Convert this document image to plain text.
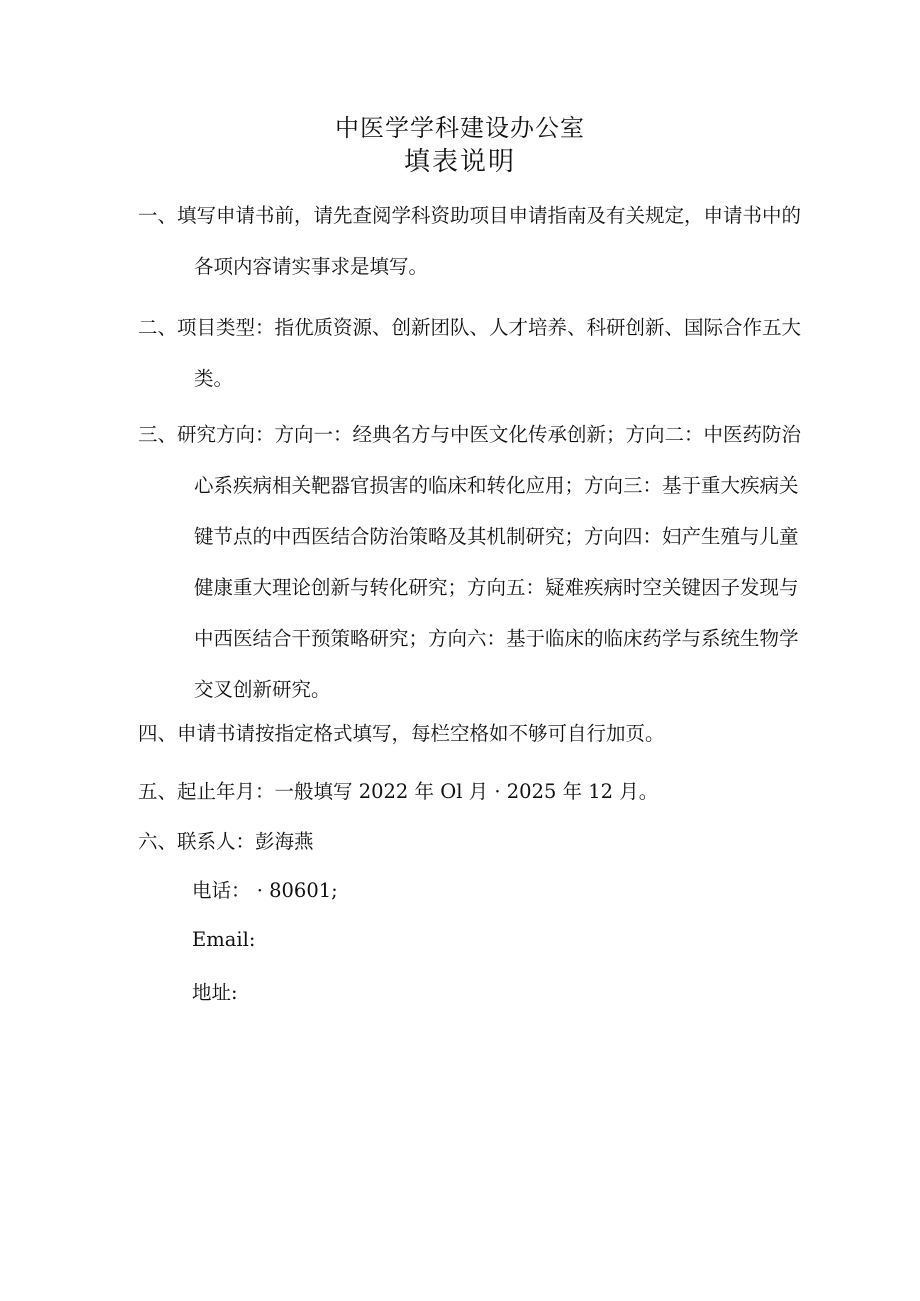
中医学学科建设办公室
填表说明
一、填写申请书前，请先查阅学科资助项目申请指南及有关规定，申请书中的各项内容请实事求是填写。
二、项目类型：指优质资源、创新团队、人才培养、科研创新、国际合作五大类。
三、研究方向：方向一：经典名方与中医文化传承创新；方向二：中医药防治心系疾病相关靶器官损害的临床和转化应用；方向三：基于重大疾病关键节点的中西医结合防治策略及其机制研究；方向四：妇产生殖与儿童健康重大理论创新与转化研究；方向五：疑难疾病时空关键因子发现与中西医结合干预策略研究；方向六：基于临床的临床药学与系统生物学交叉创新研究。
四、申请书请按指定格式填写，每栏空格如不够可自行加页。
五、起止年月：一般填写 2022 年 Ol 月 · 2025 年 12 月。
六、联系人：彭海燕
电话： · 80601;
Email:
地址:
